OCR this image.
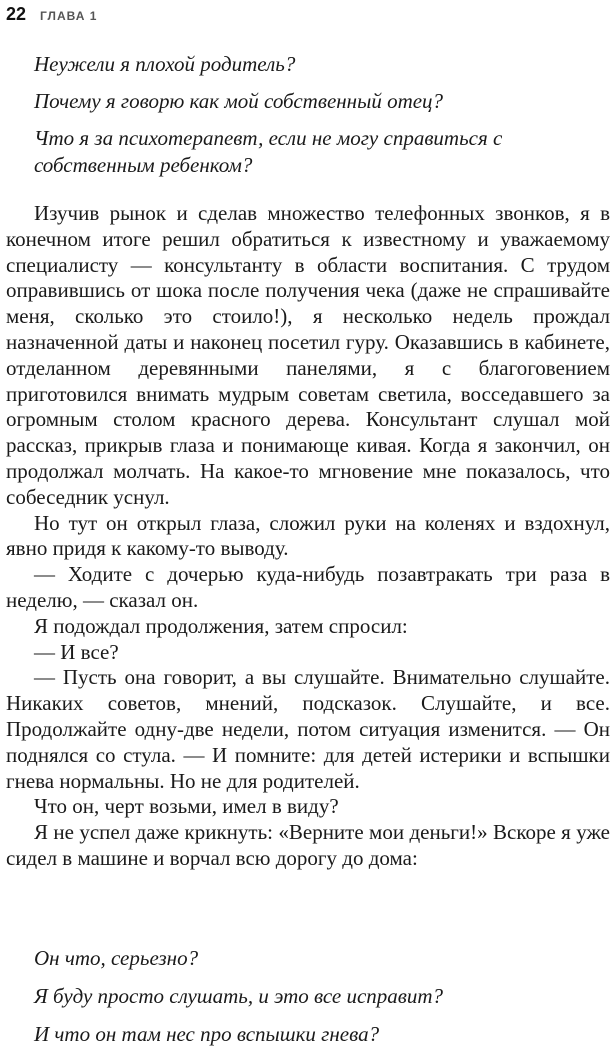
22 ГЛАВА 1

Неужели я плохой родитель?

Почему я говорю как мой собственный отец?

Что я за психотерапевт, если не могу справиться с собственным ребенком?

Изучив рынок и сделав множество телефонных звонков, я в конечном итоге решил обратиться к известному и уважаемому специалисту — консультанту в области воспитания. С трудом оправившись от шока после получения чека (даже не спрашивайте меня, сколько это стоило!), я несколько недель прождал назначенной даты и наконец посетил гуру. Оказавшись в кабинете, отделанном деревянными панелями, я с благоговением приготовился внимать мудрым советам светила, восседавшего за огромным столом красного дерева. Консультант слушал мой рассказ, прикрыв глаза и понимающе кивая. Когда я закончил, он продолжал молчать. На какое-то мгновение мне показалось, что собеседник уснул.

Но тут он открыл глаза, сложил руки на коленях и вздохнул, явно придя к какому-то выводу.

— Ходите с дочерью куда-нибудь позавтракать три раза в неделю, — сказал он.

Я подождал продолжения, затем спросил:

— И все?

— Пусть она говорит, а вы слушайте. Внимательно слушайте. Никаких советов, мнений, подсказок. Слушайте, и все. Продолжайте одну-две недели, потом ситуация изменится. — Он поднялся со стула. — И помните: для детей истерики и вспышки гнева нормальны. Но не для родителей.

Что он, черт возьми, имел в виду?

Я не успел даже крикнуть: «Верните мои деньги!» Вскоре я уже сидел в машине и ворчал всю дорогу до дома:

Он что, серьезно?

Я буду просто слушать, и это все исправит?

И что он там нес про вспышки гнева?
